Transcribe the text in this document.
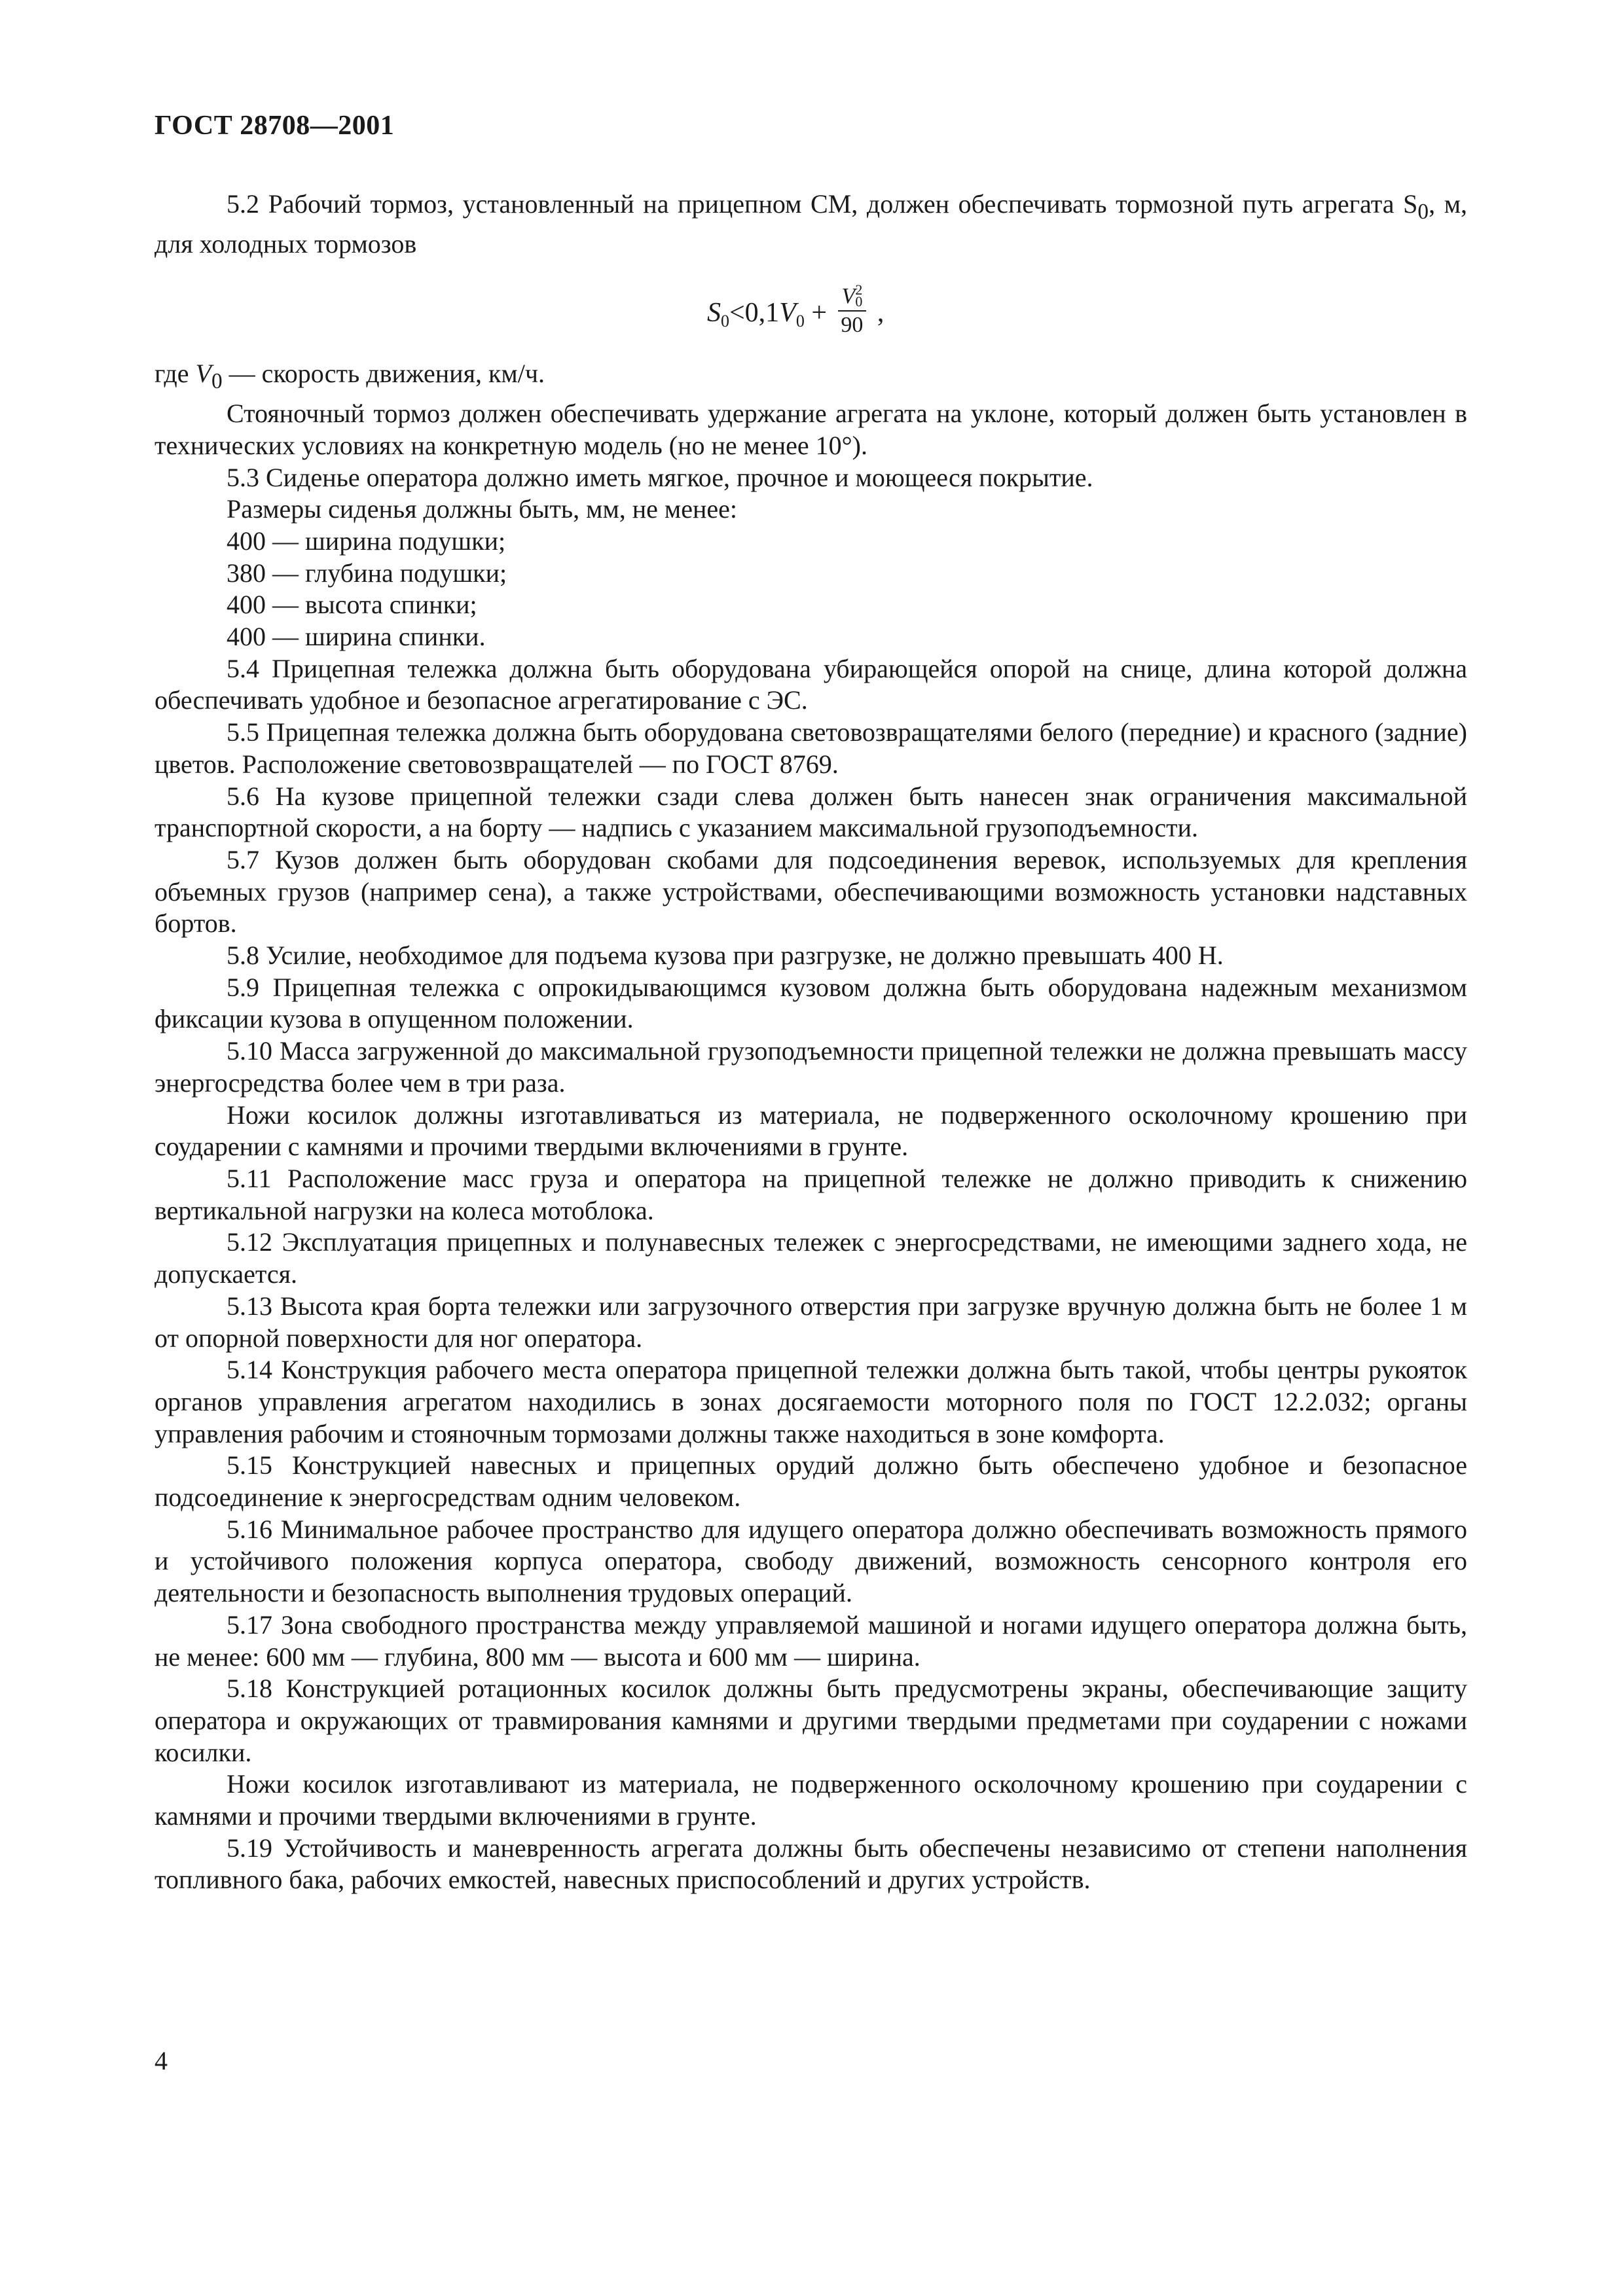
ГОСТ 28708—2001

5.2 Рабочий тормоз, установленный на прицепном СМ, должен обеспечивать тормозной путь агрегата $S_0$, м, для холодных тормозов

$S_0<0,1V_0$ +
V2
0
90 ,

где $V_0$ — скорость движения, км/ч.

Стояночный тормоз должен обеспечивать удержание агрегата на уклоне, который должен быть установлен в технических условиях на конкретную модель (но не менее 10°).

5.3 Сиденье оператора должно иметь мягкое, прочное и моющееся покрытие.

Размеры сиденья должны быть, мм, не менее:

400 — ширина подушки;

380 — глубина подушки;

400 — высота спинки;

400 — ширина спинки.

5.4 Прицепная тележка должна быть оборудована убирающейся опорой на сницe, длина которой должна обеспечивать удобное и безопасное агрегатирование с ЭС.

5.5 Прицепная тележка должна быть оборудована световозвращателями белого (передние) и красного (задние) цветов. Расположение световозвращателей — по ГОСТ 8769.

5.6 На кузове прицепной тележки сзади слева должен быть нанесен знак ограничения максимальной транспортной скорости, а на борту — надпись с указанием максимальной грузоподъемности.

5.7 Кузов должен быть оборудован скобами для подсоединения веревок, используемых для крепления объемных грузов (например сена), а также устройствами, обеспечивающими возможность установки надставных бортов.

5.8 Усилие, необходимое для подъема кузова при разгрузке, не должно превышать 400 Н.

5.9 Прицепная тележка с опрокидывающимся кузовом должна быть оборудована надежным механизмом фиксации кузова в опущенном положении.

5.10 Масса загруженной до максимальной грузоподъемности прицепной тележки не должна превышать массу энергосредства более чем в три раза.

Ножи косилок должны изготавливаться из материала, не подверженного осколочному крошению при соударении с камнями и прочими твердыми включениями в грунте.

5.11 Расположение масс груза и оператора на прицепной тележке не должно приводить к снижению вертикальной нагрузки на колеса мотоблока.

5.12 Эксплуатация прицепных и полунавесных тележек с энергосредствами, не имеющими заднего хода, не допускается.

5.13 Высота края борта тележки или загрузочного отверстия при загрузке вручную должна быть не более 1 м от опорной поверхности для ног оператора.

5.14 Конструкция рабочего места оператора прицепной тележки должна быть такой, чтобы центры рукояток органов управления агрегатом находились в зонах досягаемости моторного поля по ГОСТ 12.2.032; органы управления рабочим и стояночным тормозами должны также находиться в зоне комфорта.

5.15 Конструкцией навесных и прицепных орудий должно быть обеспечено удобное и безопасное подсоединение к энергосредствам одним человеком.

5.16 Минимальное рабочее пространство для идущего оператора должно обеспечивать возможность прямого и устойчивого положения корпуса оператора, свободу движений, возможность сенсорного контроля его деятельности и безопасность выполнения трудовых операций.

5.17 Зона свободного пространства между управляемой машиной и ногами идущего оператора должна быть, не менее: 600 мм — глубина, 800 мм — высота и 600 мм — ширина.

5.18 Конструкцией ротационных косилок должны быть предусмотрены экраны, обеспечивающие защиту оператора и окружающих от травмирования камнями и другими твердыми предметами при соударении с ножами косилки.

Ножи косилок изготавливают из материала, не подверженного осколочному крошению при соударении с камнями и прочими твердыми включениями в грунте.

5.19 Устойчивость и маневренность агрегата должны быть обеспечены независимо от степени наполнения топливного бака, рабочих емкостей, навесных приспособлений и других устройств.

4
